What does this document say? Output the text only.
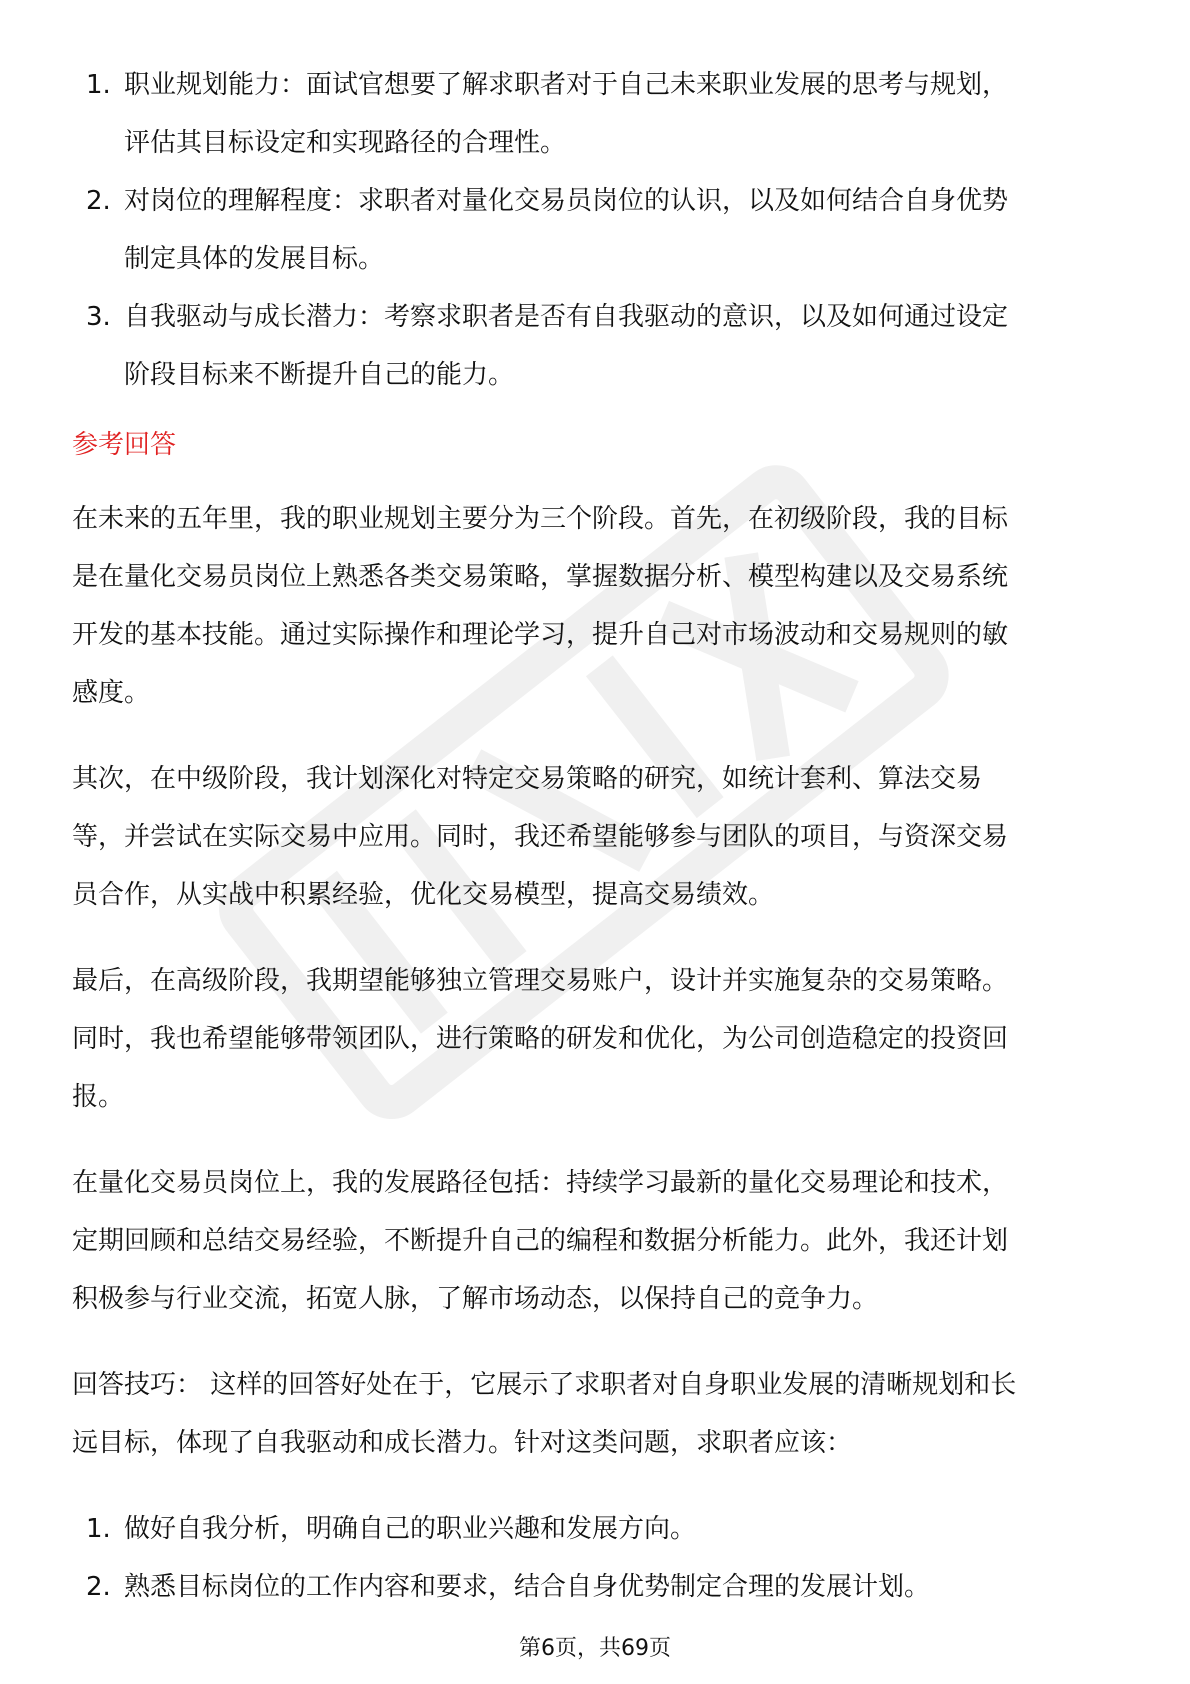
1. 职业规划能力：面试官想要了解求职者对于自己未来职业发展的思考与规划，
评估其目标设定和实现路径的合理性。
2. 对岗位的理解程度：求职者对量化交易员岗位的认识，以及如何结合自身优势
制定具体的发展目标。
3. 自我驱动与成长潜力：考察求职者是否有自我驱动的意识，以及如何通过设定
阶段目标来不断提升自己的能力。
参考回答
在未来的五年里，我的职业规划主要分为三个阶段。首先，在初级阶段，我的目标
是在量化交易员岗位上熟悉各类交易策略，掌握数据分析、模型构建以及交易系统
开发的基本技能。通过实际操作和理论学习，提升自己对市场波动和交易规则的敏
感度。
其次，在中级阶段，我计划深化对特定交易策略的研究，如统计套利、算法交易
等，并尝试在实际交易中应用。同时，我还希望能够参与团队的项目，与资深交易
员合作，从实战中积累经验，优化交易模型，提高交易绩效。
最后，在高级阶段，我期望能够独立管理交易账户，设计并实施复杂的交易策略。
同时，我也希望能够带领团队，进行策略的研发和优化，为公司创造稳定的投资回
报。
在量化交易员岗位上，我的发展路径包括：持续学习最新的量化交易理论和技术，
定期回顾和总结交易经验，不断提升自己的编程和数据分析能力。此外，我还计划
积极参与行业交流，拓宽人脉，了解市场动态，以保持自己的竞争力。
回答技巧： 这样的回答好处在于，它展示了求职者对自身职业发展的清晰规划和长
远目标，体现了自我驱动和成长潜力。针对这类问题，求职者应该：
1. 做好自我分析，明确自己的职业兴趣和发展方向。
2. 熟悉目标岗位的工作内容和要求，结合自身优势制定合理的发展计划。
第6页，共69页
